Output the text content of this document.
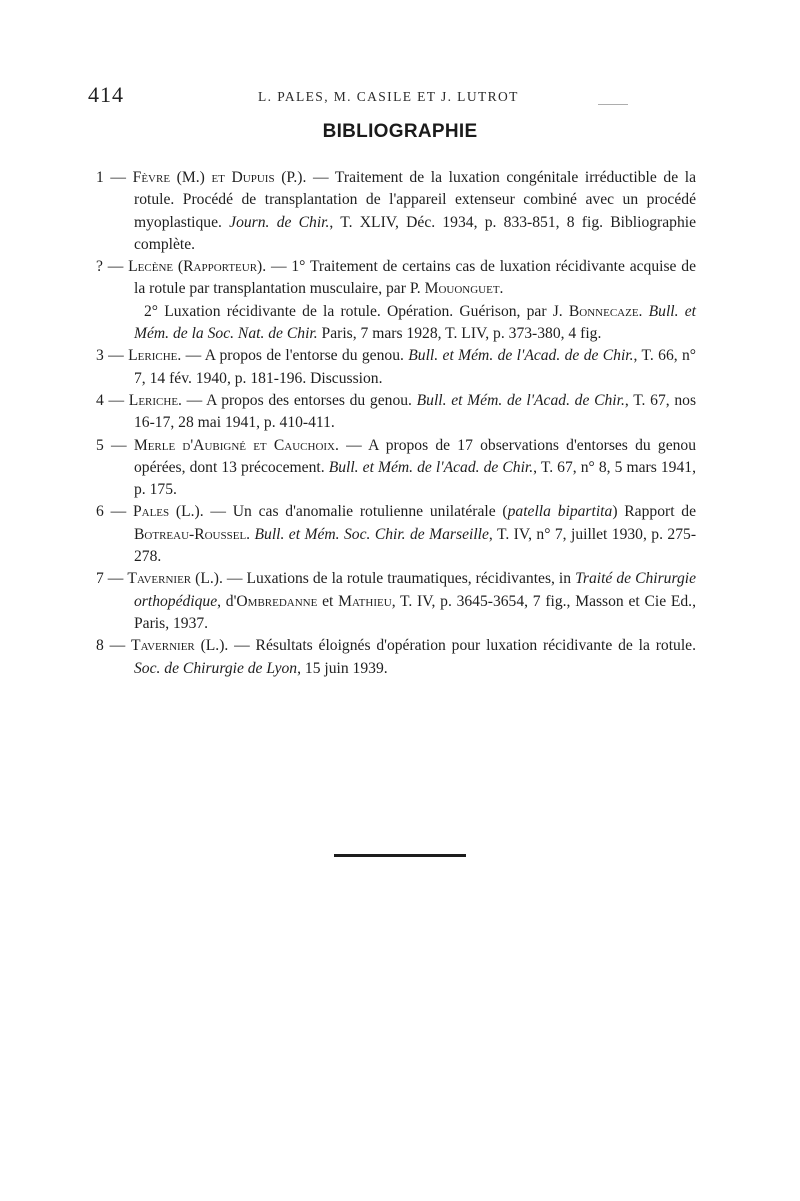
414	L. PALES, M. CASILE ET J. LUTROT
BIBLIOGRAPHIE

1 — Fèvre (M.) et Dupuis (P.). — Traitement de la luxation congénitale irréductible de la rotule. Procédé de transplantation de l'appareil extenseur combiné avec un procédé myoplastique. Journ. de Chir., T. XLIV, Déc. 1934, p. 833-851, 8 fig. Bibliographie complète.

? — Lecène (Rapporteur). — 1° Traitement de certains cas de luxation récidivante acquise de la rotule par transplantation musculaire, par P. Mouonguet.

2° Luxation récidivante de la rotule. Opération. Guérison, par J. Bonnecaze. Bull. et Mém. de la Soc. Nat. de Chir. Paris, 7 mars 1928, T. LIV, p. 373-380, 4 fig.

3 — Leriche. — A propos de l'entorse du genou. Bull. et Mém. de l'Acad. de de Chir., T. 66, n° 7, 14 fév. 1940, p. 181-196. Discussion.

4 — Leriche. — A propos des entorses du genou. Bull. et Mém. de l'Acad. de Chir., T. 67, nos 16-17, 28 mai 1941, p. 410-411.

5 — Merle d'Aubigné et Cauchoix. — A propos de 17 observations d'entorses du genou opérées, dont 13 précocement. Bull. et Mém. de l'Acad. de Chir., T. 67, n° 8, 5 mars 1941, p. 175.

6 — Pales (L.). — Un cas d'anomalie rotulienne unilatérale (patella bipartita) Rapport de Botreau-Roussel. Bull. et Mém. Soc. Chir. de Marseille, T. IV, n° 7, juillet 1930, p. 275-278.

7 — Tavernier (L.). — Luxations de la rotule traumatiques, récidivantes, in Traité de Chirurgie orthopédique, d'Ombredanne et Mathieu, T. IV, p. 3645-3654, 7 fig., Masson et Cie Ed., Paris, 1937.

8 — Tavernier (L.). — Résultats éloignés d'opération pour luxation récidivante de la rotule. Soc. de Chirurgie de Lyon, 15 juin 1939.
